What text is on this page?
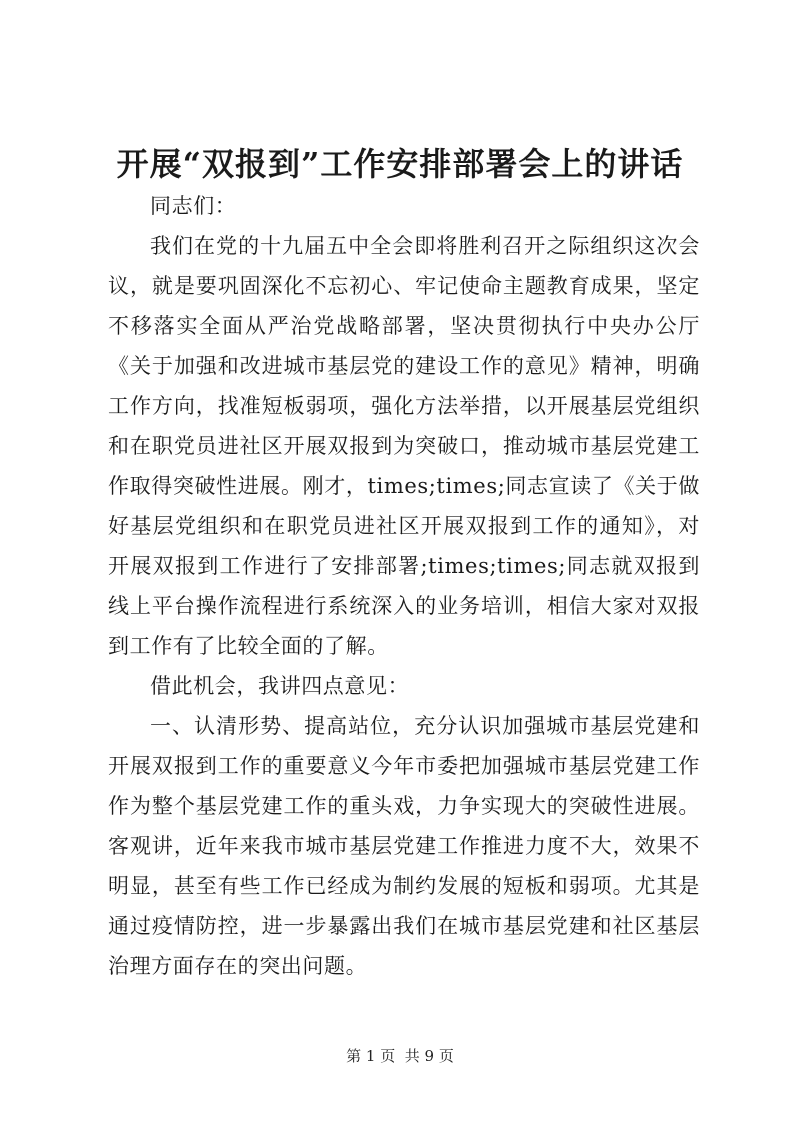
开展“双报到”工作安排部署会上的讲话

同志们：

我们在党的十九届五中全会即将胜利召开之际组织这次会议，就是要巩固深化不忘初心、牢记使命主题教育成果，坚定不移落实全面从严治党战略部署，坚决贯彻执行中央办公厅《关于加强和改进城市基层党的建设工作的意见》精神，明确工作方向，找准短板弱项，强化方法举措，以开展基层党组织和在职党员进社区开展双报到为突破口，推动城市基层党建工作取得突破性进展。刚才，times;times;同志宣读了《关于做好基层党组织和在职党员进社区开展双报到工作的通知》，对开展双报到工作进行了安排部署;times;times;同志就双报到线上平台操作流程进行系统深入的业务培训，相信大家对双报到工作有了比较全面的了解。

借此机会，我讲四点意见：

一、认清形势、提高站位，充分认识加强城市基层党建和开展双报到工作的重要意义今年市委把加强城市基层党建工作作为整个基层党建工作的重头戏，力争实现大的突破性进展。客观讲，近年来我市城市基层党建工作推进力度不大，效果不明显，甚至有些工作已经成为制约发展的短板和弱项。尤其是通过疫情防控，进一步暴露出我们在城市基层党建和社区基层治理方面存在的突出问题。

第 1 页  共 9 页
